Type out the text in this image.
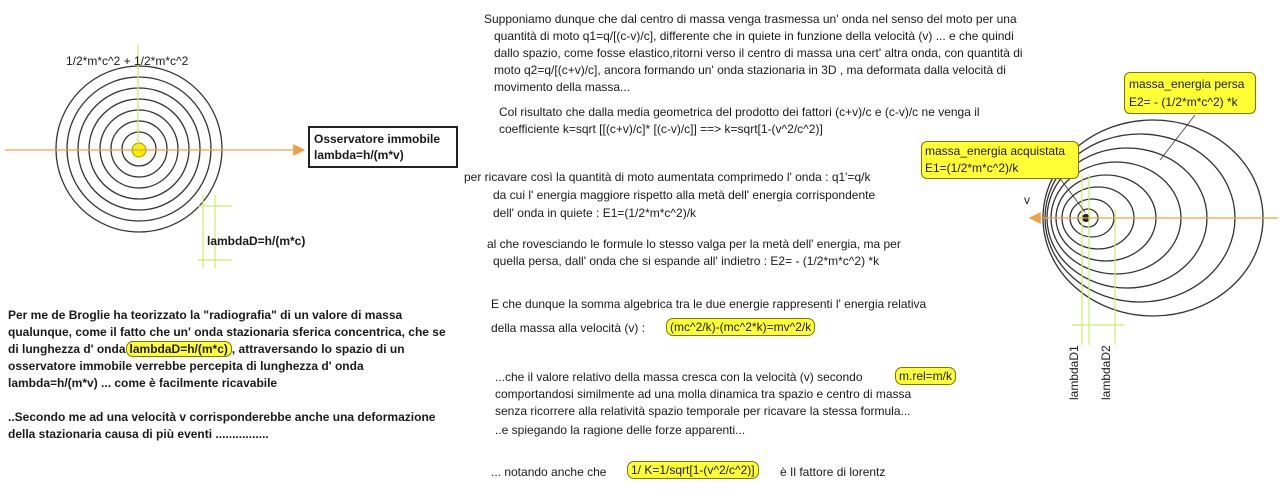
1/2*m*c^2 + 1/2*m*c^2
Osservatore immobile
lambda=h/(m*v)
lambdaD=h/(m*c)
Per me de Broglie ha teorizzato la "radiografia" di un valore di massa
qualunque, come il fatto che un' onda stazionaria sferica concentrica, che se
di lunghezza d' onda lambdaD=h/(m*c) , attraversando lo spazio di un
osservatore immobile verrebbe percepita di lunghezza d' onda
lambda=h/(m*v) ... come è facilmente ricavabile
..Secondo me ad una velocità v corrisponderebbe anche una deformazione
della stazionaria causa di più eventi ................
Supponiamo dunque che dal centro di massa venga trasmessa un' onda nel senso del moto per una
quantità di moto q1=q/[(c-v)/c], differente che in quiete in funzione della velocità (v) ... e che quindi
dallo spazio, come fosse elastico,ritorni verso il centro di massa una cert' altra onda, con quantità di
moto q2=q/[(c+v)/c], ancora formando un' onda stazionaria in 3D , ma deformata dalla velocità di
movimento della massa...
Col risultato che dalla media geometrica del prodotto dei fattori (c+v)/c e (c-v)/c ne venga il
coefficiente k=sqrt [[(c+v)/c]* [(c-v)/c]] ==> k=sqrt[1-(v^2/c^2)]
per ricavare così la quantità di moto aumentata comprimedo l' onda : q1'=q/k
da cui l' energia maggiore rispetto alla metà dell' energia corrispondente
dell' onda in quiete : E1=(1/2*m*c^2)/k
al che rovesciando le formule lo stesso valga per la metà dell' energia, ma per
quella persa, dall' onda che si espande all' indietro : E2= - (1/2*m*c^2) *k
E che dunque la somma algebrica tra le due energie rappresenti l' energia relativa
della massa alla velocità (v) :	(mc^2/k)-(mc^2*k)=mv^2/k
...che il valore relativo della massa cresca con la velocità (v) secondo	m.rel=m/k
comportandosi similmente ad una molla dinamica tra spazio e centro di massa
senza ricorrere alla relatività spazio temporale per ricavare la stessa formula...
..e spiegando la ragione delle forze apparenti...
... notando anche che	1/ K=1/sqrt[1-(v^2/c^2)]	è Il fattore di lorentz
massa_energia persa
E2= - (1/2*m*c^2) *k
massa_energia acquistata
E1=(1/2*m*c^2)/k
v
lambdaD1 lambdaD2
